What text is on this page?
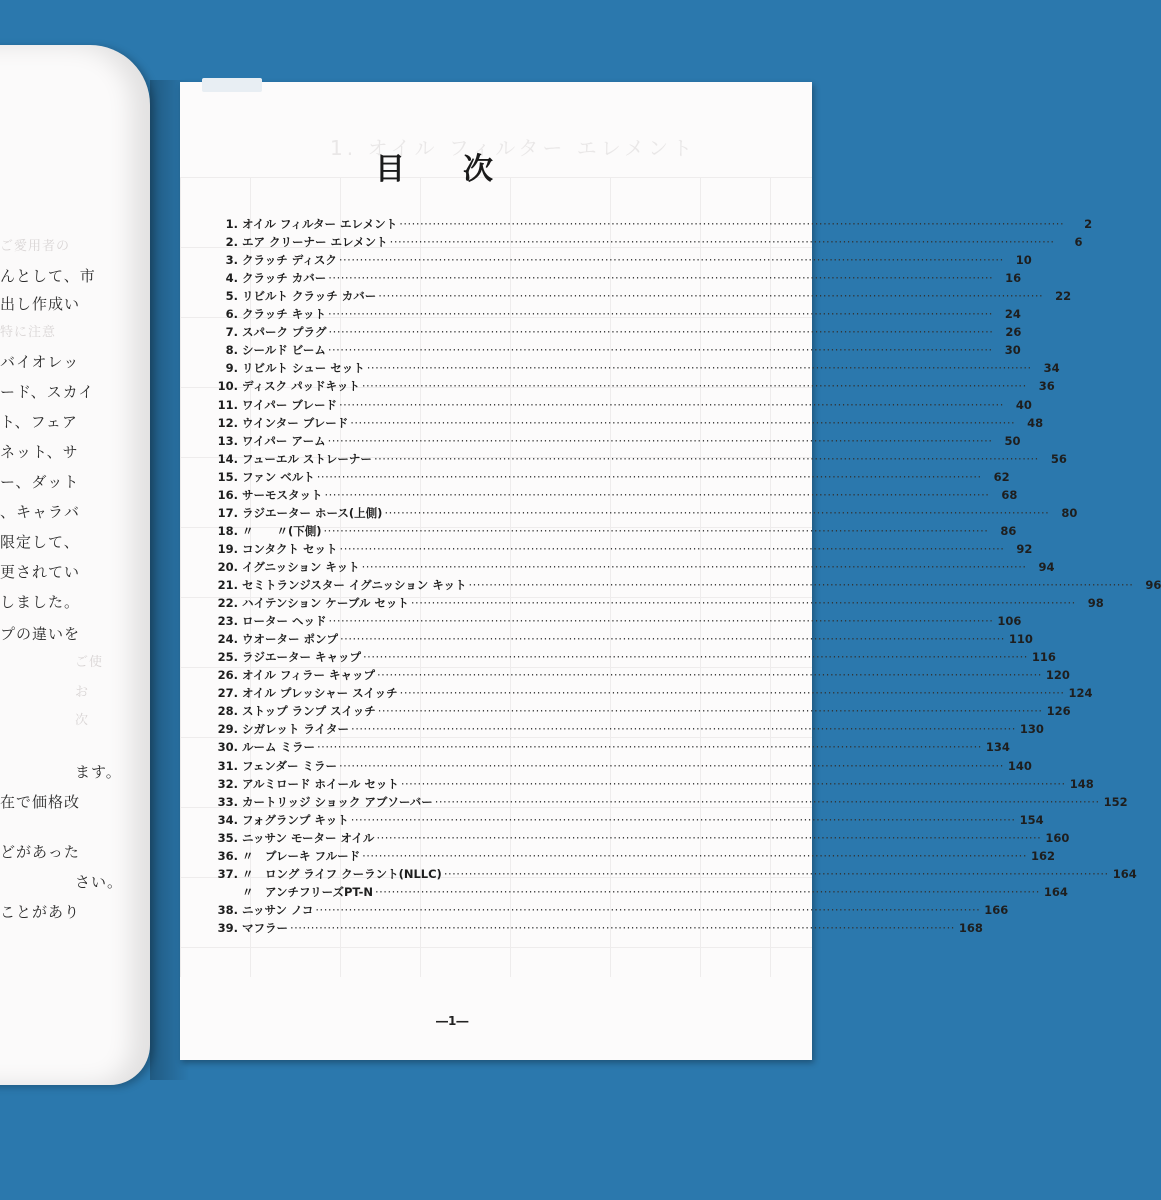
ご愛用者の
んとして、市
出し作成い
特に注意
バイオレッ
ード、スカイ
ト、フェア
ネット、サ
ー、ダット
、キャラバ
限定して、
更されてい
しました。
プの違いを
ご使
お
次
ます。
在で価格改
どがあった
さい。
ことがあり
1. オイル フィルター エレメント
目次
1. オイル フィルター エレメント ································································································································································	2
2. エア クリーナー エレメント ································································································································································	6
3. クラッチ ディスク ································································································································································	10
4. クラッチ カバー ································································································································································	16
5. リビルト クラッチ カバー ································································································································································	22
6. クラッチ キット ································································································································································	24
7. スパーク プラグ ································································································································································	26
8. シールド ビーム ································································································································································	30
9. リビルト シュー セット ································································································································································	34
10. ディスク パッドキット ································································································································································	36
11. ワイパー ブレード ································································································································································	40
12. ウインター ブレード ································································································································································	48
13. ワイパー アーム ································································································································································	50
14. フューエル ストレーナー ································································································································································	56
15. ファン ベルト ································································································································································	62
16. サーモスタット ································································································································································	68
17. ラジエーター ホース(上側) ································································································································································	80
18. 〃　　〃(下側) ································································································································································	86
19. コンタクト セット ································································································································································	92
20. イグニッション キット ································································································································································	94
21. セミトランジスター イグニッション キット ································································································································································	96
22. ハイテンション ケーブル セット ································································································································································	98
23. ローター ヘッド ································································································································································ 106
24. ウオーター ポンプ ································································································································································ 110
25. ラジエーター キャップ ································································································································································ 116
26. オイル フィラー キャップ ································································································································································ 120
27. オイル プレッシャー スイッチ ································································································································································ 124
28. ストップ ランプ スイッチ ································································································································································ 126
29. シガレット ライター ································································································································································ 130
30. ルーム ミラー ································································································································································ 134
31. フェンダー ミラー ································································································································································ 140
32. アルミロード ホイール セット ································································································································································ 148
33. カートリッジ ショック アブソーバー ································································································································································ 152
34. フォグランプ キット ································································································································································ 154
35. ニッサン モーター オイル ································································································································································ 160
36. 〃　ブレーキ フルード ································································································································································ 162
37. 〃　ロング ライフ クーラント(NLLC) ································································································································································ 164
〃　アンチフリーズPT-N ································································································································································ 164
38. ニッサン ノコ ································································································································································ 166
39. マフラー ································································································································································ 168
―1―
